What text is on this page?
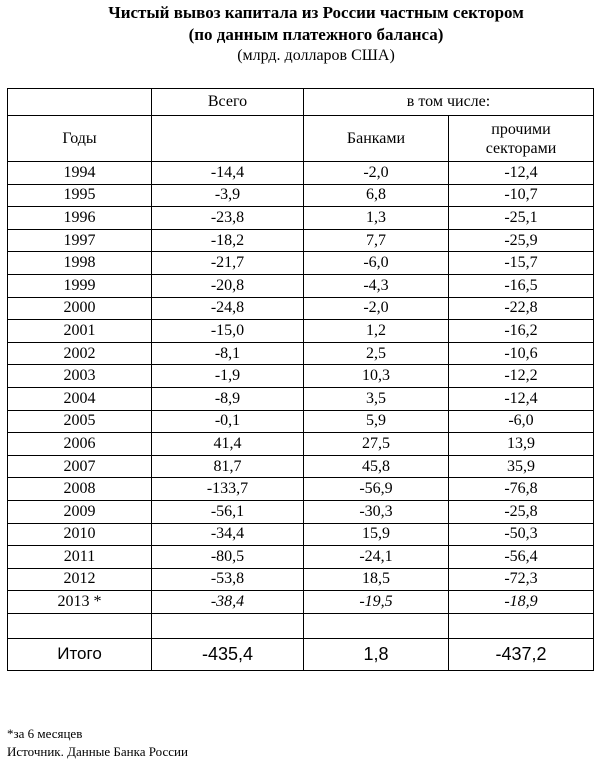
Чистый вывоз капитала из России частным сектором
(по данным платежного баланса)
(млрд. долларов США)
	Всего	в том числе:	
Годы		Банками	прочими
секторами
1994	-14,4	-2,0	-12,4
1995	-3,9	6,8	-10,7
1996	-23,8	1,3	-25,1
1997	-18,2	7,7	-25,9
1998	-21,7	-6,0	-15,7
1999	-20,8	-4,3	-16,5
2000	-24,8	-2,0	-22,8
2001	-15,0	1,2	-16,2
2002	-8,1	2,5	-10,6
2003	-1,9	10,3	-12,2
2004	-8,9	3,5	-12,4
2005	-0,1	5,9	-6,0
2006	41,4	27,5	13,9
2007	81,7	45,8	35,9
2008	-133,7	-56,9	-76,8
2009	-56,1	-30,3	-25,8
2010	-34,4	15,9	-50,3
2011	-80,5	-24,1	-56,4
2012	-53,8	18,5	-72,3
2013 *	-38,4	-19,5	-18,9

Итого	-435,4	1,8	-437,2
*за 6 месяцев
Источник. Данные Банка России
